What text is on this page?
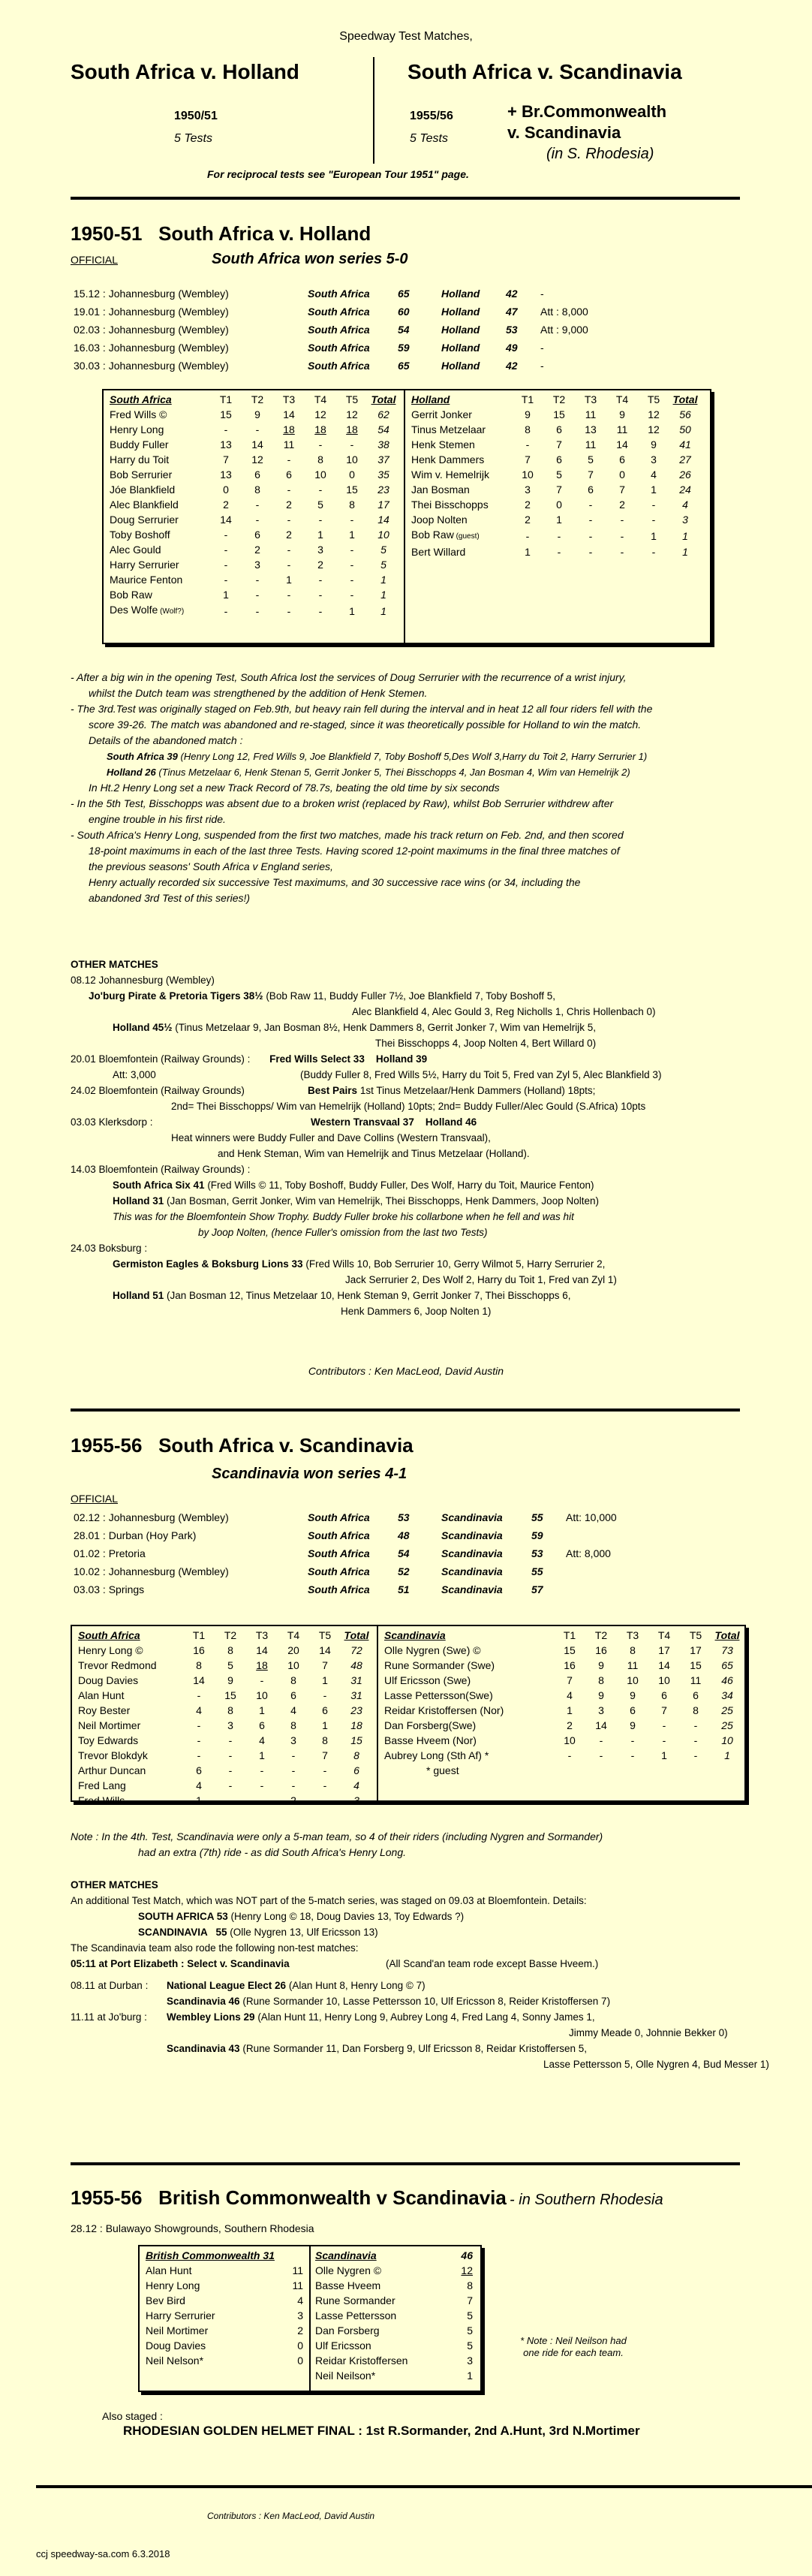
Speedway Test Matches,
South Africa v. Holland
1950/51
5 Tests
South Africa v. Scandinavia
1955/56
5 Tests
+ Br.Commonwealth
v. Scandinavia
(in S. Rhodesia)
For reciprocal tests see "European Tour 1951" page.
1950-51   South Africa v. Holland
OFFICIAL	South Africa won series 5-0
15.12 : Johannesburg (Wembley)	South Africa	65	Holland	42	-
19.01 : Johannesburg (Wembley)	South Africa	60	Holland	47	Att : 8,000
02.03 : Johannesburg (Wembley)	South Africa	54	Holland	53	Att : 9,000
16.03 : Johannesburg (Wembley)	South Africa	59	Holland	49	-
30.03 : Johannesburg (Wembley)	South Africa	65	Holland	42	-
South Africa	T1	T2	T3	T4	T5	Total
Fred Wills ©	15	9	14	12	12	62
Henry Long	-	-	18	18	18	54
Buddy Fuller	13	14	11	-	-	38
Harry du Toit	7	12	-	8	10	37
Bob Serrurier	13	6	6	10	0	35
Jóe Blankfield	0	8	-	-	15	23
Alec Blankfield	2	-	2	5	8	17
Doug Serrurier	14	-	-	-	-	14
Toby Boshoff	-	6	2	1	1	10
Alec Gould	-	2	-	3	-	5
Harry Serrurier	-	3	-	2	-	5
Maurice Fenton	-	-	1	-	-	1
Bob Raw	1	-	-	-	-	1
Des Wolfe (Wolf?)	-	-	-	-	1	1
Holland	T1	T2	T3	T4	T5	Total
Gerrit Jonker	9	15	11	9	12	56
Tinus Metzelaar	8	6	13	11	12	50
Henk Stemen	-	7	11	14	9	41
Henk Dammers	7	6	5	6	3	27
Wim v. Hemelrijk	10	5	7	0	4	26
Jan Bosman	3	7	6	7	1	24
Thei Bisschopps	2	0	-	2	-	4
Joop Nolten	2	1	-	-	-	3
Bob Raw (guest)	-	-	-	-	1	1
Bert Willard	1	-	-	-	-	1

- After a big win in the opening Test, South Africa lost the services of Doug Serrurier with the recurrence of a wrist injury,

whilst the Dutch team was strengthened by the addition of Henk Stemen.

- The 3rd.Test was originally staged on Feb.9th, but heavy rain fell during the interval and in heat 12 all four riders fell with the

score 39-26. The match was abandoned and re-staged, since it was theoretically possible for Holland to win the match.

Details of the abandoned match :

South Africa 39 (Henry Long 12, Fred Wills 9, Joe Blankfield 7, Toby Boshoff 5,Des Wolf 3,Harry du Toit 2, Harry Serrurier 1)

Holland 26 (Tinus Metzelaar 6, Henk Stenan 5, Gerrit Jonker 5, Thei Bisschopps 4, Jan Bosman 4, Wim van Hemelrijk 2)

In Ht.2 Henry Long set a new Track Record of 78.7s, beating the old time by six seconds

- In the 5th Test, Bisschopps was absent due to a broken wrist (replaced by Raw), whilst Bob Serrurier withdrew after

engine trouble in his first ride.

- South Africa's Henry Long, suspended from the first two matches, made his track return on Feb. 2nd, and then scored

18-point maximums in each of the last three Tests. Having scored 12-point maximums in the final three matches of

the previous seasons' South Africa v England series,

Henry actually recorded six successive Test maximums, and 30 successive race wins (or 34, including the

abandoned 3rd Test of this series!)

OTHER MATCHES

08.12 Johannesburg (Wembley)

Jo'burg Pirate & Pretoria Tigers 38½ (Bob Raw 11, Buddy Fuller 7½, Joe Blankfield 7, Toby Boshoff 5,

Alec Blankfield 4, Alec Gould 3, Reg Nicholls 1, Chris Hollenbach 0)

Holland 45½ (Tinus Metzelaar 9, Jan Bosman 8½, Henk Dammers 8, Gerrit Jonker 7, Wim van Hemelrijk 5,

Thei Bisschopps 4, Joop Nolten 4, Bert Willard 0)

20.01 Bloemfontein (Railway Grounds) : Fred Wills Select 33    Holland 39

Att: 3,000	(Buddy Fuller 8, Fred Wills 5½, Harry du Toit 5, Fred van Zyl 5, Alec Blankfield 3)

24.02 Bloemfontein (Railway Grounds)	Best Pairs 1st Tinus Metzelaar/Henk Dammers (Holland) 18pts;

2nd= Thei Bisschopps/ Wim van Hemelrijk (Holland) 10pts; 2nd= Buddy Fuller/Alec Gould (S.Africa) 10pts

03.03 Klerksdorp :	Western Transvaal 37    Holland 46

Heat winners were Buddy Fuller and Dave Collins (Western Transvaal),

and Henk Steman, Wim van Hemelrijk and Tinus Metzelaar (Holland).

14.03 Bloemfontein (Railway Grounds) :

South Africa Six 41 (Fred Wills © 11, Toby Boshoff, Buddy Fuller, Des Wolf, Harry du Toit, Maurice Fenton)

Holland 31 (Jan Bosman, Gerrit Jonker, Wim van Hemelrijk, Thei Bisschopps, Henk Dammers, Joop Nolten)

This was for the Bloemfontein Show Trophy. Buddy Fuller broke his collarbone when he fell and was hit

by Joop Nolten, (hence Fuller's omission from the last two Tests)

24.03 Boksburg :

Germiston Eagles & Boksburg Lions 33 (Fred Wills 10, Bob Serrurier 10, Gerry Wilmot 5, Harry Serrurier 2,

Jack Serrurier 2, Des Wolf 2, Harry du Toit 1, Fred van Zyl 1)

Holland 51 (Jan Bosman 12, Tinus Metzelaar 10, Henk Steman 9, Gerrit Jonker 7, Thei Bisschopps 6,

Henk Dammers 6, Joop Nolten 1)

Contributors : Ken MacLeod, David Austin
1955-56   South Africa v. Scandinavia
Scandinavia won series 4-1
OFFICIAL
02.12 : Johannesburg (Wembley)	South Africa	53	Scandinavia	55	Att: 10,000
28.01 : Durban (Hoy Park)	South Africa	48	Scandinavia	59	
01.02 : Pretoria	South Africa	54	Scandinavia	53	Att: 8,000
10.02 : Johannesburg (Wembley)	South Africa	52	Scandinavia	55	
03.03 : Springs	South Africa	51	Scandinavia	57	
South Africa	T1	T2	T3	T4	T5	Total
Henry Long ©	16	8	14	20	14	72
Trevor Redmond	8	5	18	10	7	48
Doug Davies	14	9	-	8	1	31
Alan Hunt	-	15	10	6	-	31
Roy Bester	4	8	1	4	6	23
Neil Mortimer	-	3	6	8	1	18
Toy Edwards	-	-	4	3	8	15
Trevor Blokdyk	-	-	1	-	7	8
Arthur Duncan	6	-	-	-	-	6
Fred Lang	4	-	-	-	-	4
Fred Wills	1	-	-	2	-	3
Scandinavia	T1	T2	T3	T4	T5	Total
Olle Nygren (Swe) ©	15	16	8	17	17	73
Rune Sormander (Swe)	16	9	11	14	15	65
Ulf Ericsson (Swe)	7	8	10	10	11	46
Lasse Pettersson(Swe)	4	9	9	6	6	34
Reidar Kristoffersen (Nor)	1	3	6	7	8	25
Dan Forsberg(Swe)	2	14	9	-	-	25
Basse Hveem (Nor)	10	-	-	-	-	10
Aubrey Long (Sth Af) *	-	-	-	1	-	1
* guest						

Note : In the 4th. Test, Scandinavia were only a 5-man team, so 4 of their riders (including Nygren and Sormander)

had an extra (7th) ride - as did South Africa's Henry Long.

OTHER MATCHES

An additional Test Match, which was NOT part of the 5-match series, was staged on 09.03 at Bloemfontein. Details:

SOUTH AFRICA 53 (Henry Long © 18, Doug Davies 13, Toy Edwards ?)

SCANDINAVIA   55 (Olle Nygren 13, Ulf Ericsson 13)

The Scandinavia team also rode the following non-test matches:

05:11 at Port Elizabeth : Select v. Scandinavia	(All Scand'an team rode except Basse Hveem.)

08.11 at Durban : National League Elect 26 (Alan Hunt 8, Henry Long © 7)

Scandinavia 46 (Rune Sormander 10, Lasse Pettersson 10, Ulf Ericsson 8, Reider Kristoffersen 7)

11.11 at Jo'burg : Wembley Lions 29 (Alan Hunt 11, Henry Long 9, Aubrey Long 4, Fred Lang 4, Sonny James 1,

Jimmy Meade 0, Johnnie Bekker 0)

Scandinavia 43 (Rune Sormander 11, Dan Forsberg 9, Ulf Ericsson 8, Reidar Kristoffersen 5,

Lasse Pettersson 5, Olle Nygren 4, Bud Messer 1)

1955-56   British Commonwealth v Scandinavia - in Southern Rhodesia
28.12 : Bulawayo Showgrounds, Southern Rhodesia
British Commonwealth 31	
Alan Hunt	11
Henry Long	11
Bev Bird	4
Harry Serrurier	3
Neil Mortimer	2
Doug Davies	0
Neil Nelson*	0
Scandinavia	46
Olle Nygren ©	12
Basse Hveem	8
Rune Sormander	7
Lasse Pettersson	5
Dan Forsberg	5
Ulf Ericsson	5
Reidar Kristoffersen	3
Neil Neilson*	1
* Note : Neil Neilson had one ride for each team.
Also staged :
RHODESIAN GOLDEN HELMET FINAL : 1st R.Sormander, 2nd A.Hunt, 3rd N.Mortimer
Contributors : Ken MacLeod, David Austin
ccj speedway-sa.com 6.3.2018
